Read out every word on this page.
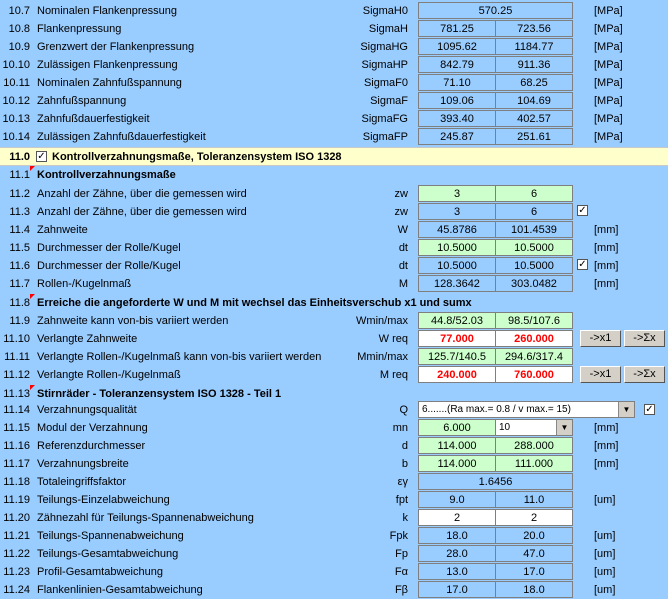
10.7 Nominalen Flankenpressung	SigmaH0	570.25	[MPa]
10.8 Flankenpressung	SigmaH	781.25	723.56	[MPa]
10.9 Grenzwert der Flankenpressung	SigmaHG	1095.62	1184.77	[MPa]
10.10 Zulässigen Flankenpressung	SigmaHP	842.79	911.36	[MPa]
10.11 Nominalen Zahnfußspannung	SigmaF0	71.10	68.25	[MPa]
10.12 Zahnfußspannung	SigmaF	109.06	104.69	[MPa]
10.13 Zahnfußdauerfestigkeit	SigmaFG	393.40	402.57	[MPa]
10.14 Zulässigen Zahnfußdauerfestigkeit	SigmaFP	245.87	251.61	[MPa]
11.0 ✓ Kontrollverzahnungsmaße, Toleranzensystem ISO 1328
11.1 Kontrollverzahnungsmaße
11.2 Anzahl der Zähne, über die gemessen wird	zw	3	6
11.3 Anzahl der Zähne, über die gemessen wird	zw	3	6	✓
11.4 Zahnweite	W	45.8786	101.4539	[mm]
11.5 Durchmesser der Rolle/Kugel	dt	10.5000	10.5000	[mm]
11.6 Durchmesser der Rolle/Kugel	dt	10.5000	10.5000	✓ [mm]
11.7 Rollen-/Kugelnmaß	M	128.3642	303.0482	[mm]
11.8 Erreiche die angeforderte W und M mit wechsel das Einheitsverschub x1 und sumx
11.9 Zahnweite kann von-bis variiert werden	Wmin/max	44.8/52.03	98.5/107.6
11.10 Verlangte Zahnweite	W req	77.000	260.000	->x1	->Σx
11.11 Verlangte Rollen-/Kugelnmaß kann von-bis variiert werden	Mmin/max	125.7/140.5	294.6/317.4
11.12 Verlangte Rollen-/Kugelnmaß	M req	240.000	760.000	->x1	->Σx
11.13 Stirnräder - Toleranzensystem ISO 1328 - Teil 1
11.14 Verzahnungsqualität	Q	6.......(Ra max.= 0.8 / v max.= 15)	▼	✓
11.15 Modul der Verzahnung	mn	6.000	10	▼	[mm]
11.16 Referenzdurchmesser	d	114.000	288.000	[mm]
11.17 Verzahnungsbreite	b	114.000	111.000	[mm]
11.18 Totaleingriffsfaktor	εγ	1.6456
11.19 Teilungs-Einzelabweichung	fpt	9.0	11.0	[um]
11.20 Zähnezahl für Teilungs-Spannenabweichung	k	2	2
11.21 Teilungs-Spannenabweichung	Fpk	18.0	20.0	[um]
11.22 Teilungs-Gesamtabweichung	Fp	28.0	47.0	[um]
11.23 Profil-Gesamtabweichung	Fα	13.0	17.0	[um]
11.24 Flankenlinien-Gesamtabweichung	Fβ	17.0	18.0	[um]
